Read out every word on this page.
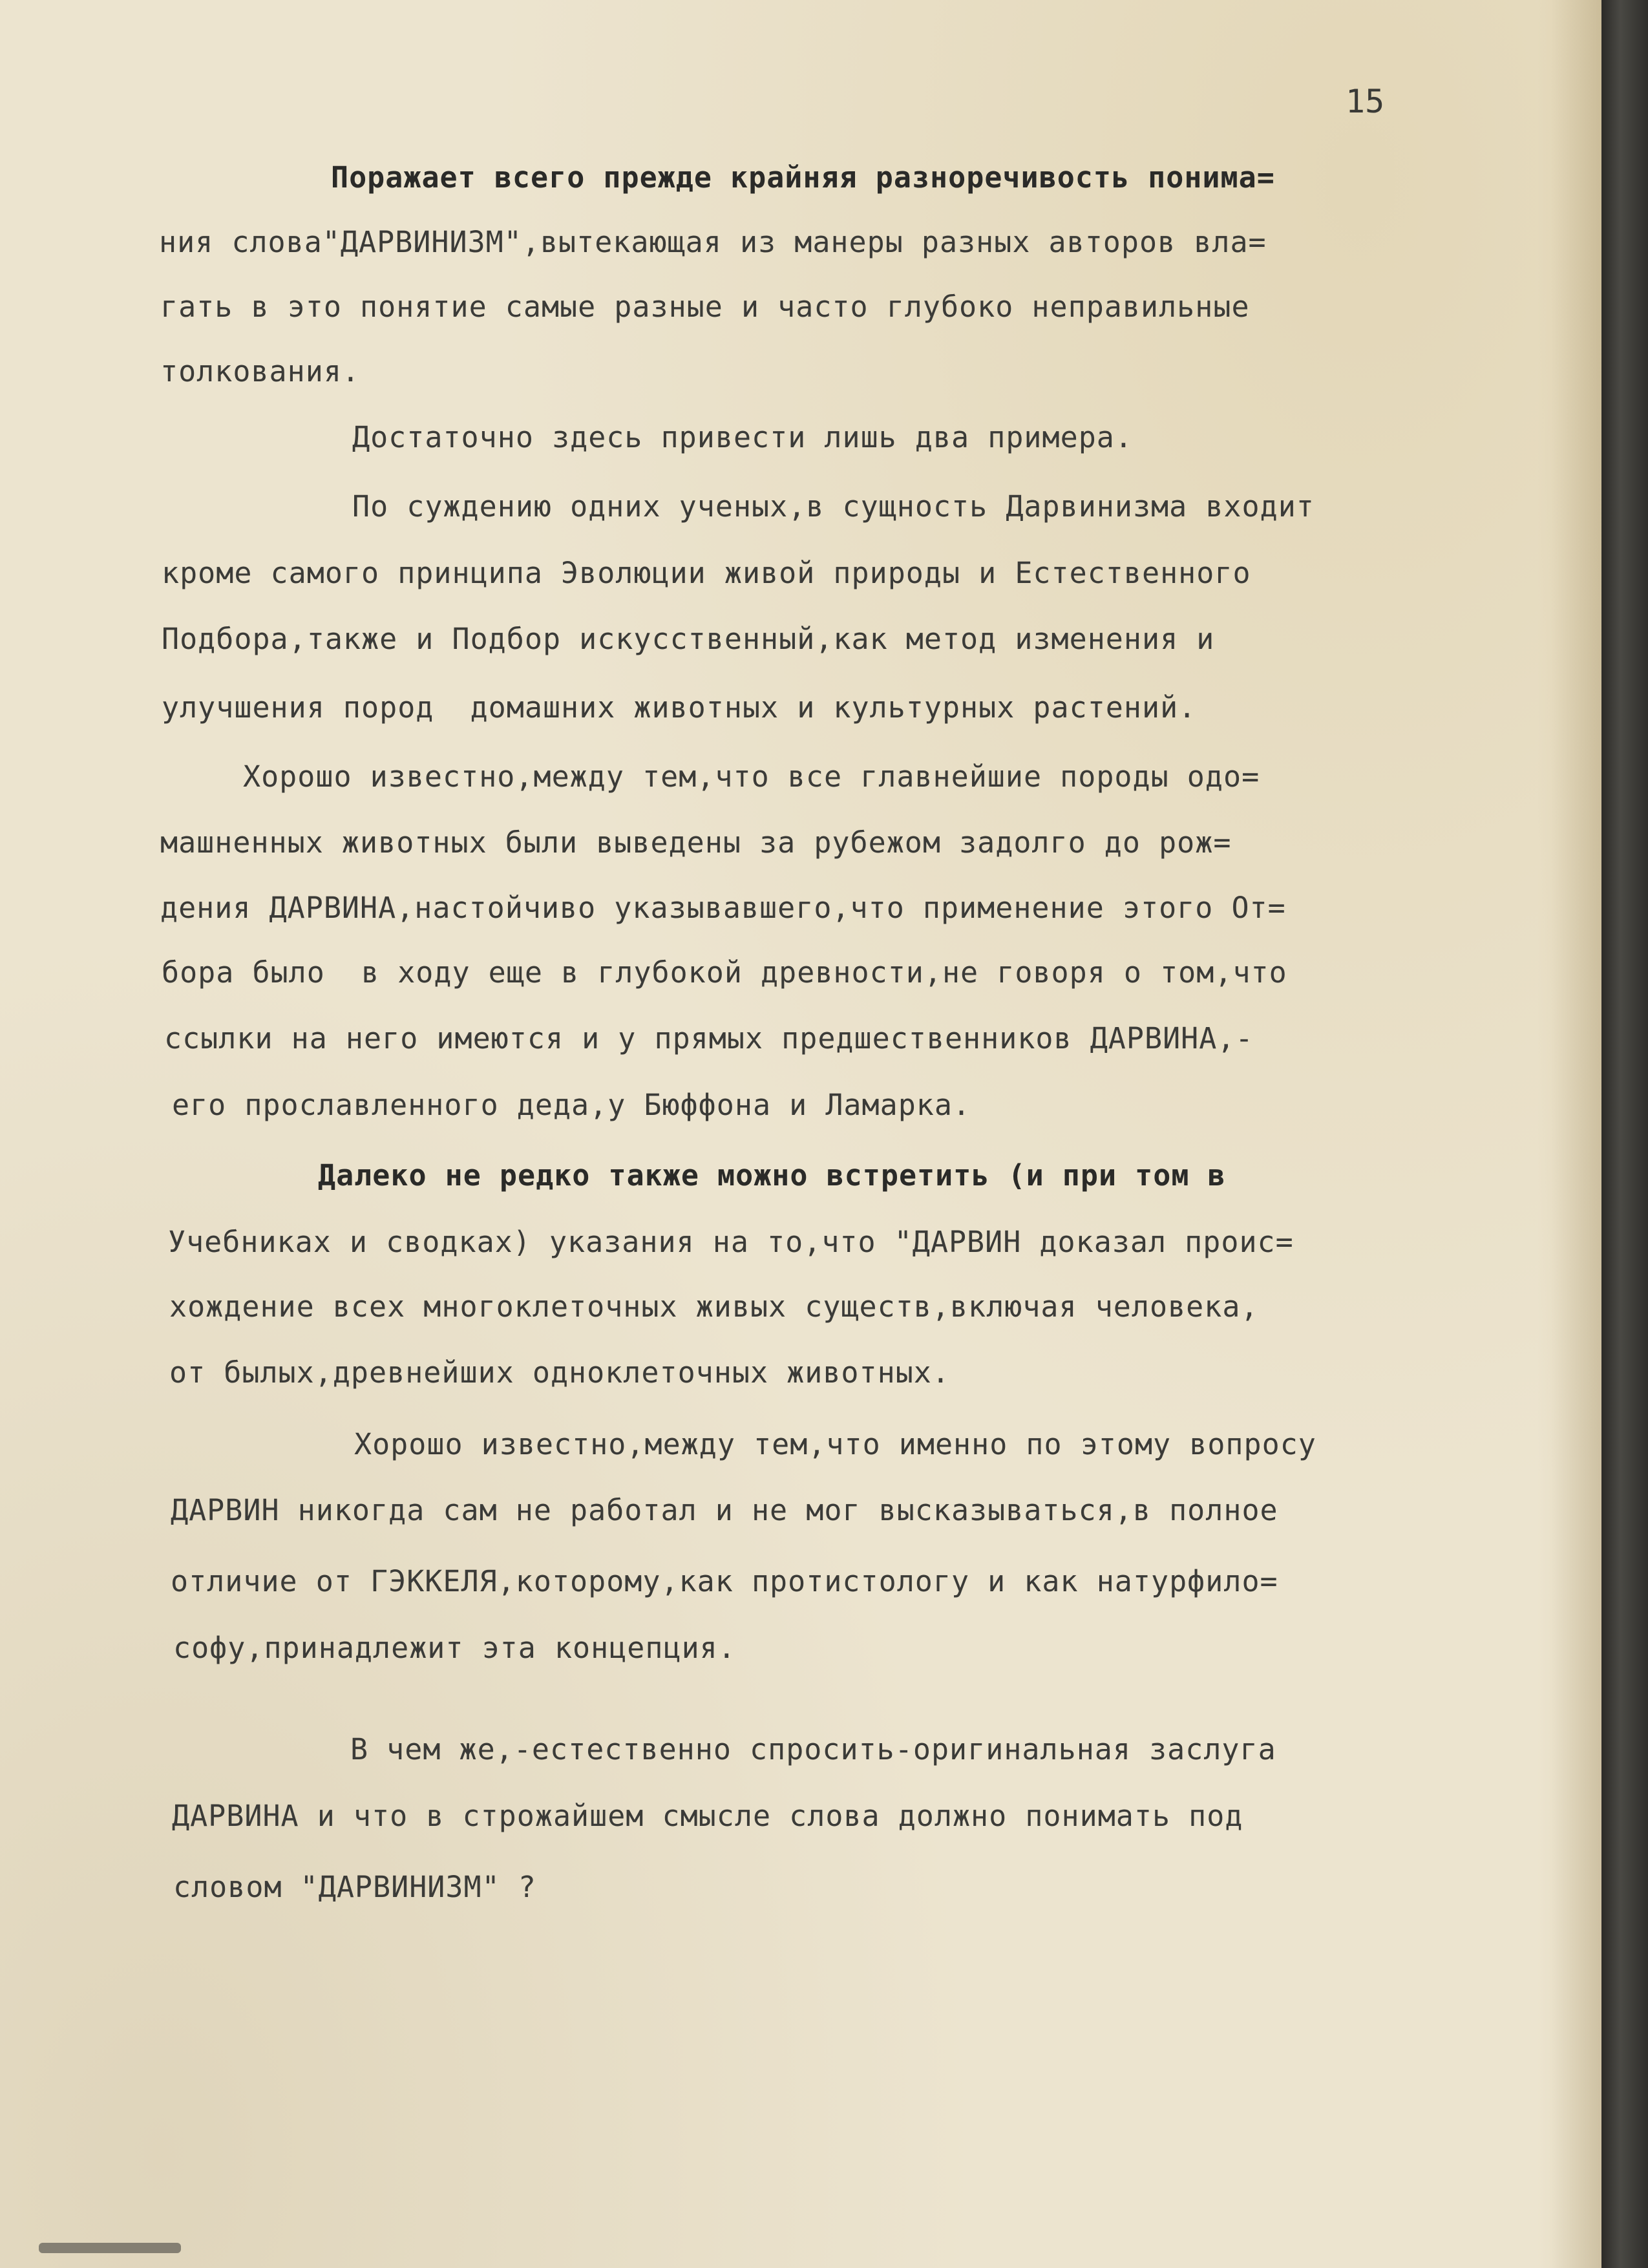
15
Поражает всего прежде крайняя разноречивость понима=
ния слова"ДАРВИНИЗМ",вытекающая из манеры разных авторов вла=
гать в это понятие самые разные и часто глубоко неправильные
толкования.
Достаточно здесь привести лишь два примера.
По суждению одних ученых,в сущность Дарвинизма входит
кроме самого принципа Эволюции живой природы и Естественного
Подбора,также и Подбор искусственный,как метод изменения и
улучшения пород  домашних животных и культурных растений.
Хорошо известно,между тем,что все главнейшие породы одо=
машненных животных были выведены за рубежом задолго до рож=
дения ДАРВИНА,настойчиво указывавшего,что применение этого От=
бора было  в ходу еще в глубокой древности,не говоря о том,что
ссылки на него имеются и у прямых предшественников ДАРВИНА,-
его прославленного деда,у Бюффона и Ламарка.
Далеко не редко также можно встретить (и при том в
Учебниках и сводках) указания на то,что "ДАРВИН доказал проис=
хождение всех многоклеточных живых существ,включая человека,
от былых,древнейших одноклеточных животных.
Хорошо известно,между тем,что именно по этому вопросу
ДАРВИН никогда сам не работал и не мог высказываться,в полное
отличие от ГЭККЕЛЯ,которому,как протистологу и как натурфило=
софу,принадлежит эта концепция.
В чем же,-естественно спросить-оригинальная заслуга
ДАРВИНА и что в строжайшем смысле слова должно понимать под
словом "ДАРВИНИЗМ" ?
